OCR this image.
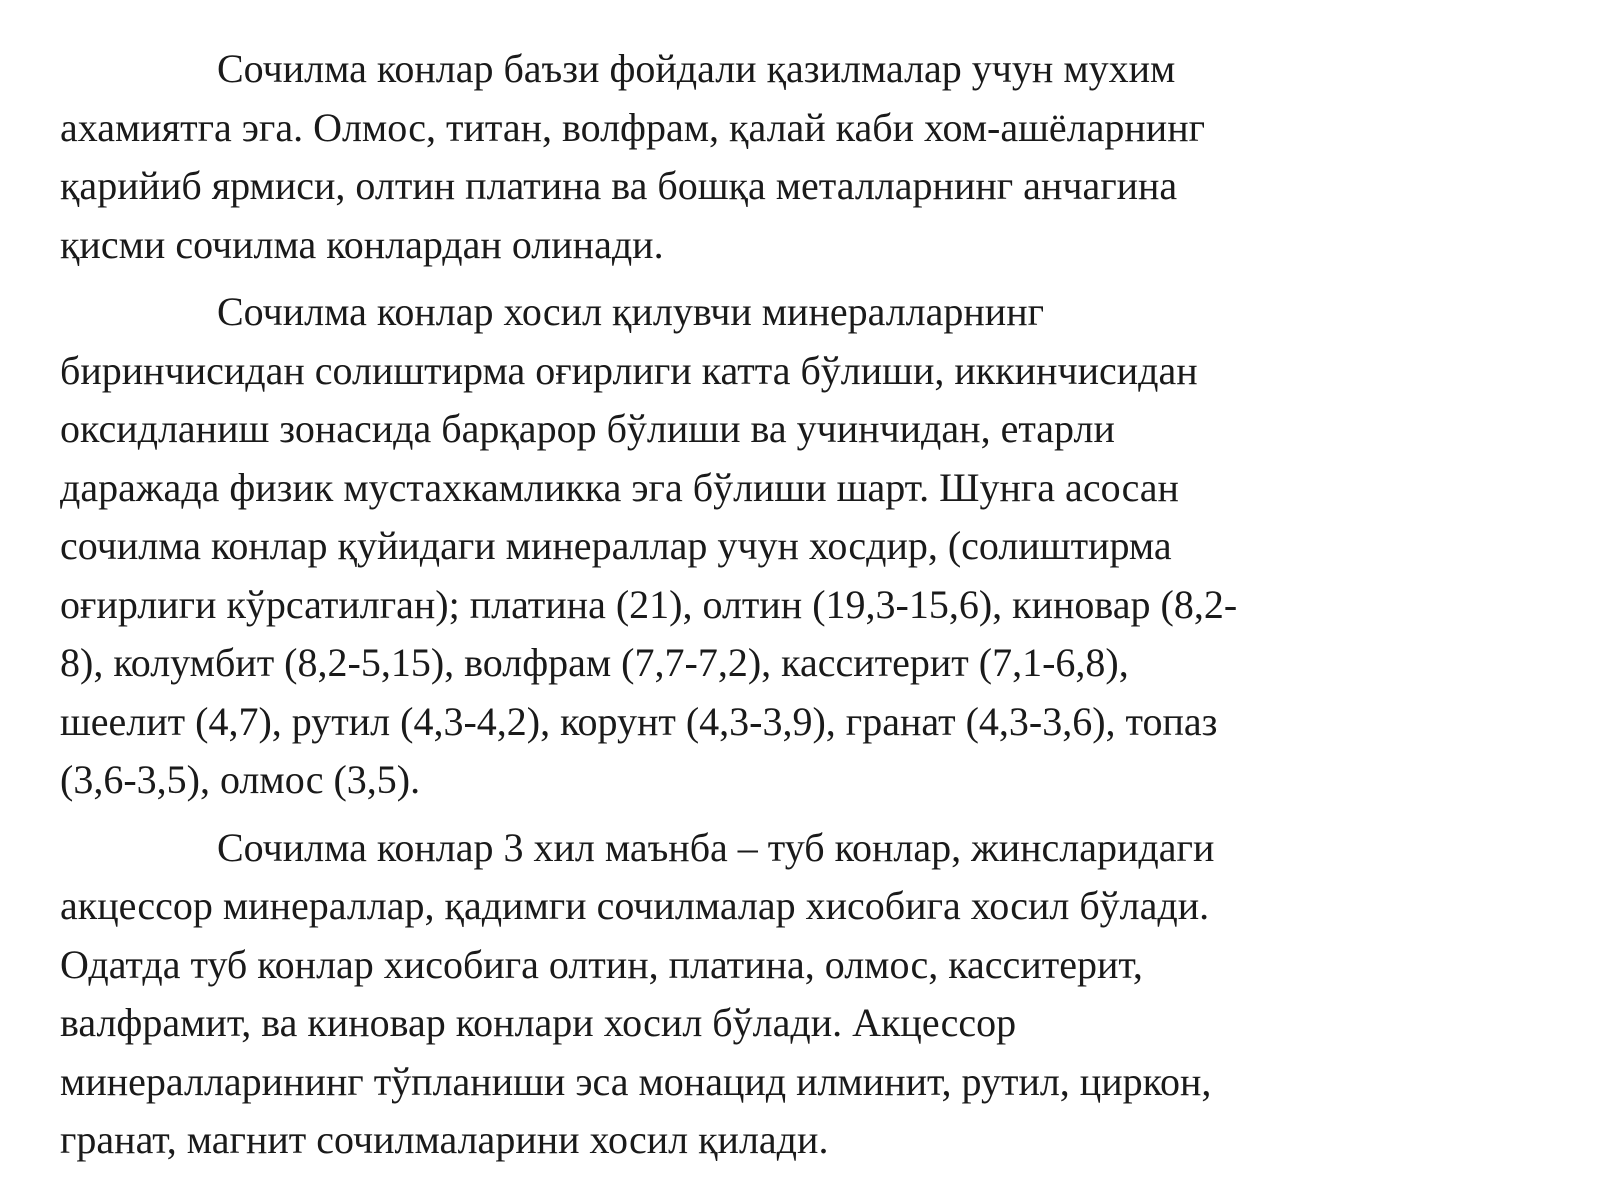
Сочилма конлар баъзи фойдали қазилмалар учун мухим
ахамиятга эга. Олмос, титан, волфрам, қалай каби хом-ашёларнинг
қарийиб ярмиси, олтин платина ва бошқа металларнинг анчагина
қисми сочилма конлардан олинади.
Сочилма конлар хосил қилувчи минералларнинг
биринчисидан солиштирма оғирлиги катта бўлиши, иккинчисидан
оксидланиш зонасида барқарор бўлиши ва учинчидан, етарли
даражада физик мустахкамликка эга бўлиши шарт. Шунга асосан
сочилма конлар қуйидаги минераллар учун хосдир, (солиштирма
оғирлиги кўрсатилган); платина (21), олтин (19,3-15,6), киновар (8,2-
8), колумбит (8,2-5,15), волфрам (7,7-7,2), касситерит (7,1-6,8),
шеелит (4,7), рутил (4,3-4,2), корунт (4,3-3,9), гранат (4,3-3,6), топаз
(3,6-3,5), олмос (3,5).
Сочилма конлар 3 хил маънба – туб конлар, жинсларидаги
акцессор минераллар, қадимги сочилмалар хисобига хосил бўлади.
Одатда туб конлар хисобига олтин, платина, олмос, касситерит,
валфрамит, ва киновар конлари хосил бўлади. Акцессор
минералларининг тўпланиши эса монацид илминит, рутил, циркон,
гранат, магнит сочилмаларини хосил қилади.
